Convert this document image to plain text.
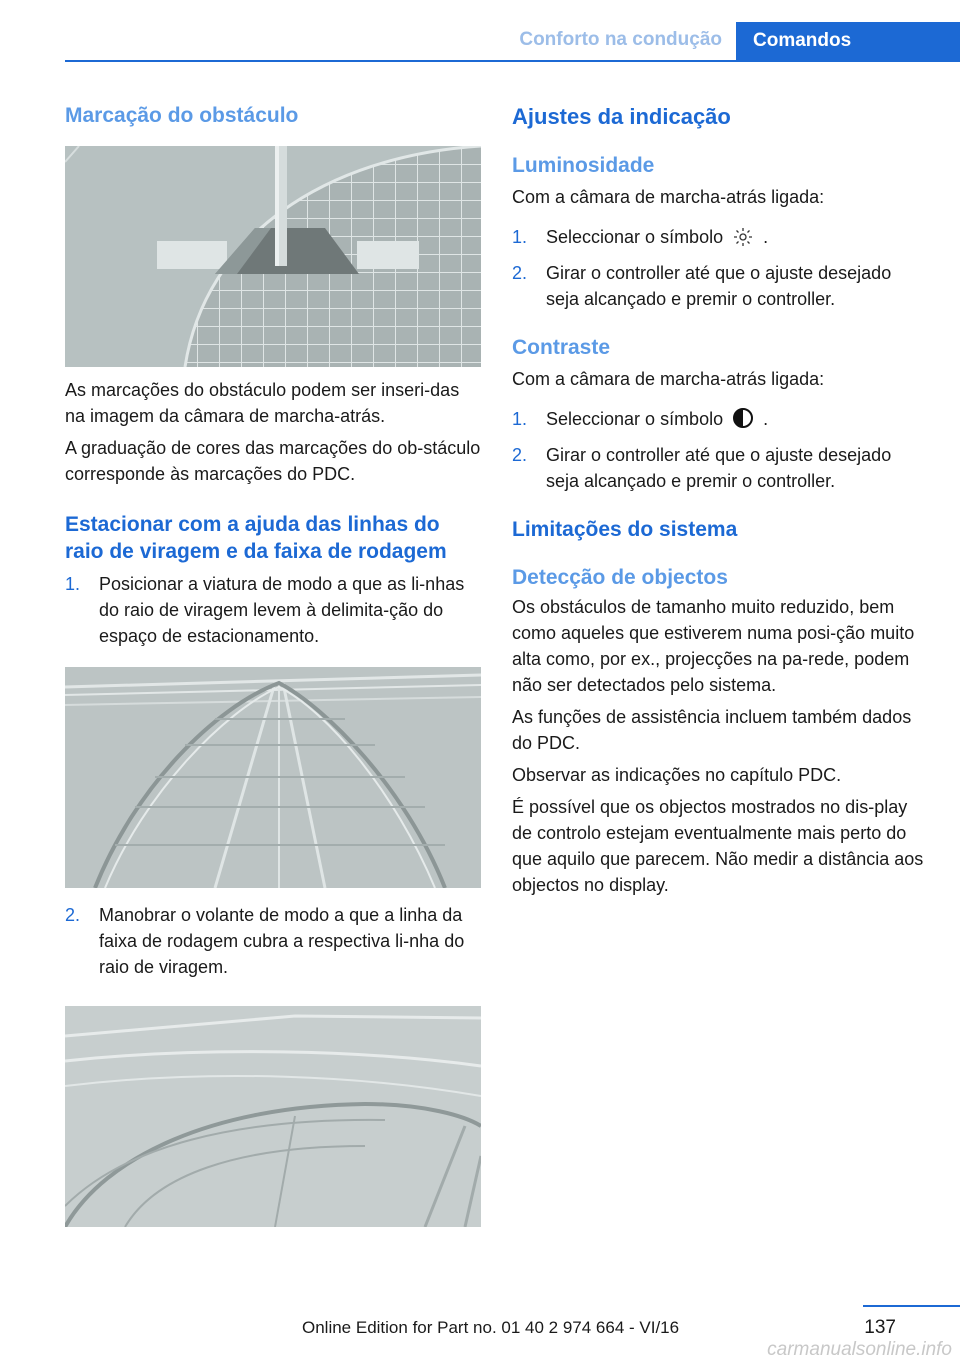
Conforto na condução	Comandos
Marcação do obstáculo

As marcações do obstáculo podem ser inseri-das na imagem da câmara de marcha-atrás.

A graduação de cores das marcações do ob-stáculo corresponde às marcações do PDC.

Estacionar com a ajuda das linhas do raio de viragem e da faixa de rodagem
1. Posicionar a viatura de modo a que as li-nhas do raio de viragem levem à delimita-ção do espaço de estacionamento.
2. Manobrar o volante de modo a que a linha da faixa de rodagem cubra a respectiva li-nha do raio de viragem.
Ajustes da indicação
Luminosidade

Com a câmara de marcha-atrás ligada:

1. Seleccionar o símbolo .
2. Girar o controller até que o ajuste desejado seja alcançado e premir o controller.
Contraste

Com a câmara de marcha-atrás ligada:

1. Seleccionar o símbolo .
2. Girar o controller até que o ajuste desejado seja alcançado e premir o controller.
Limitações do sistema
Detecção de objectos

Os obstáculos de tamanho muito reduzido, bem como aqueles que estiverem numa posi-ção muito alta como, por ex., projecções na pa-rede, podem não ser detectados pelo sistema.

As funções de assistência incluem também dados do PDC.

Observar as indicações no capítulo PDC.

É possível que os objectos mostrados no dis-play de controlo estejam eventualmente mais perto do que aquilo que parecem. Não medir a distância aos objectos no display.

137
Online Edition for Part no. 01 40 2 974 664 - VI/16
carmanualsonline.info
